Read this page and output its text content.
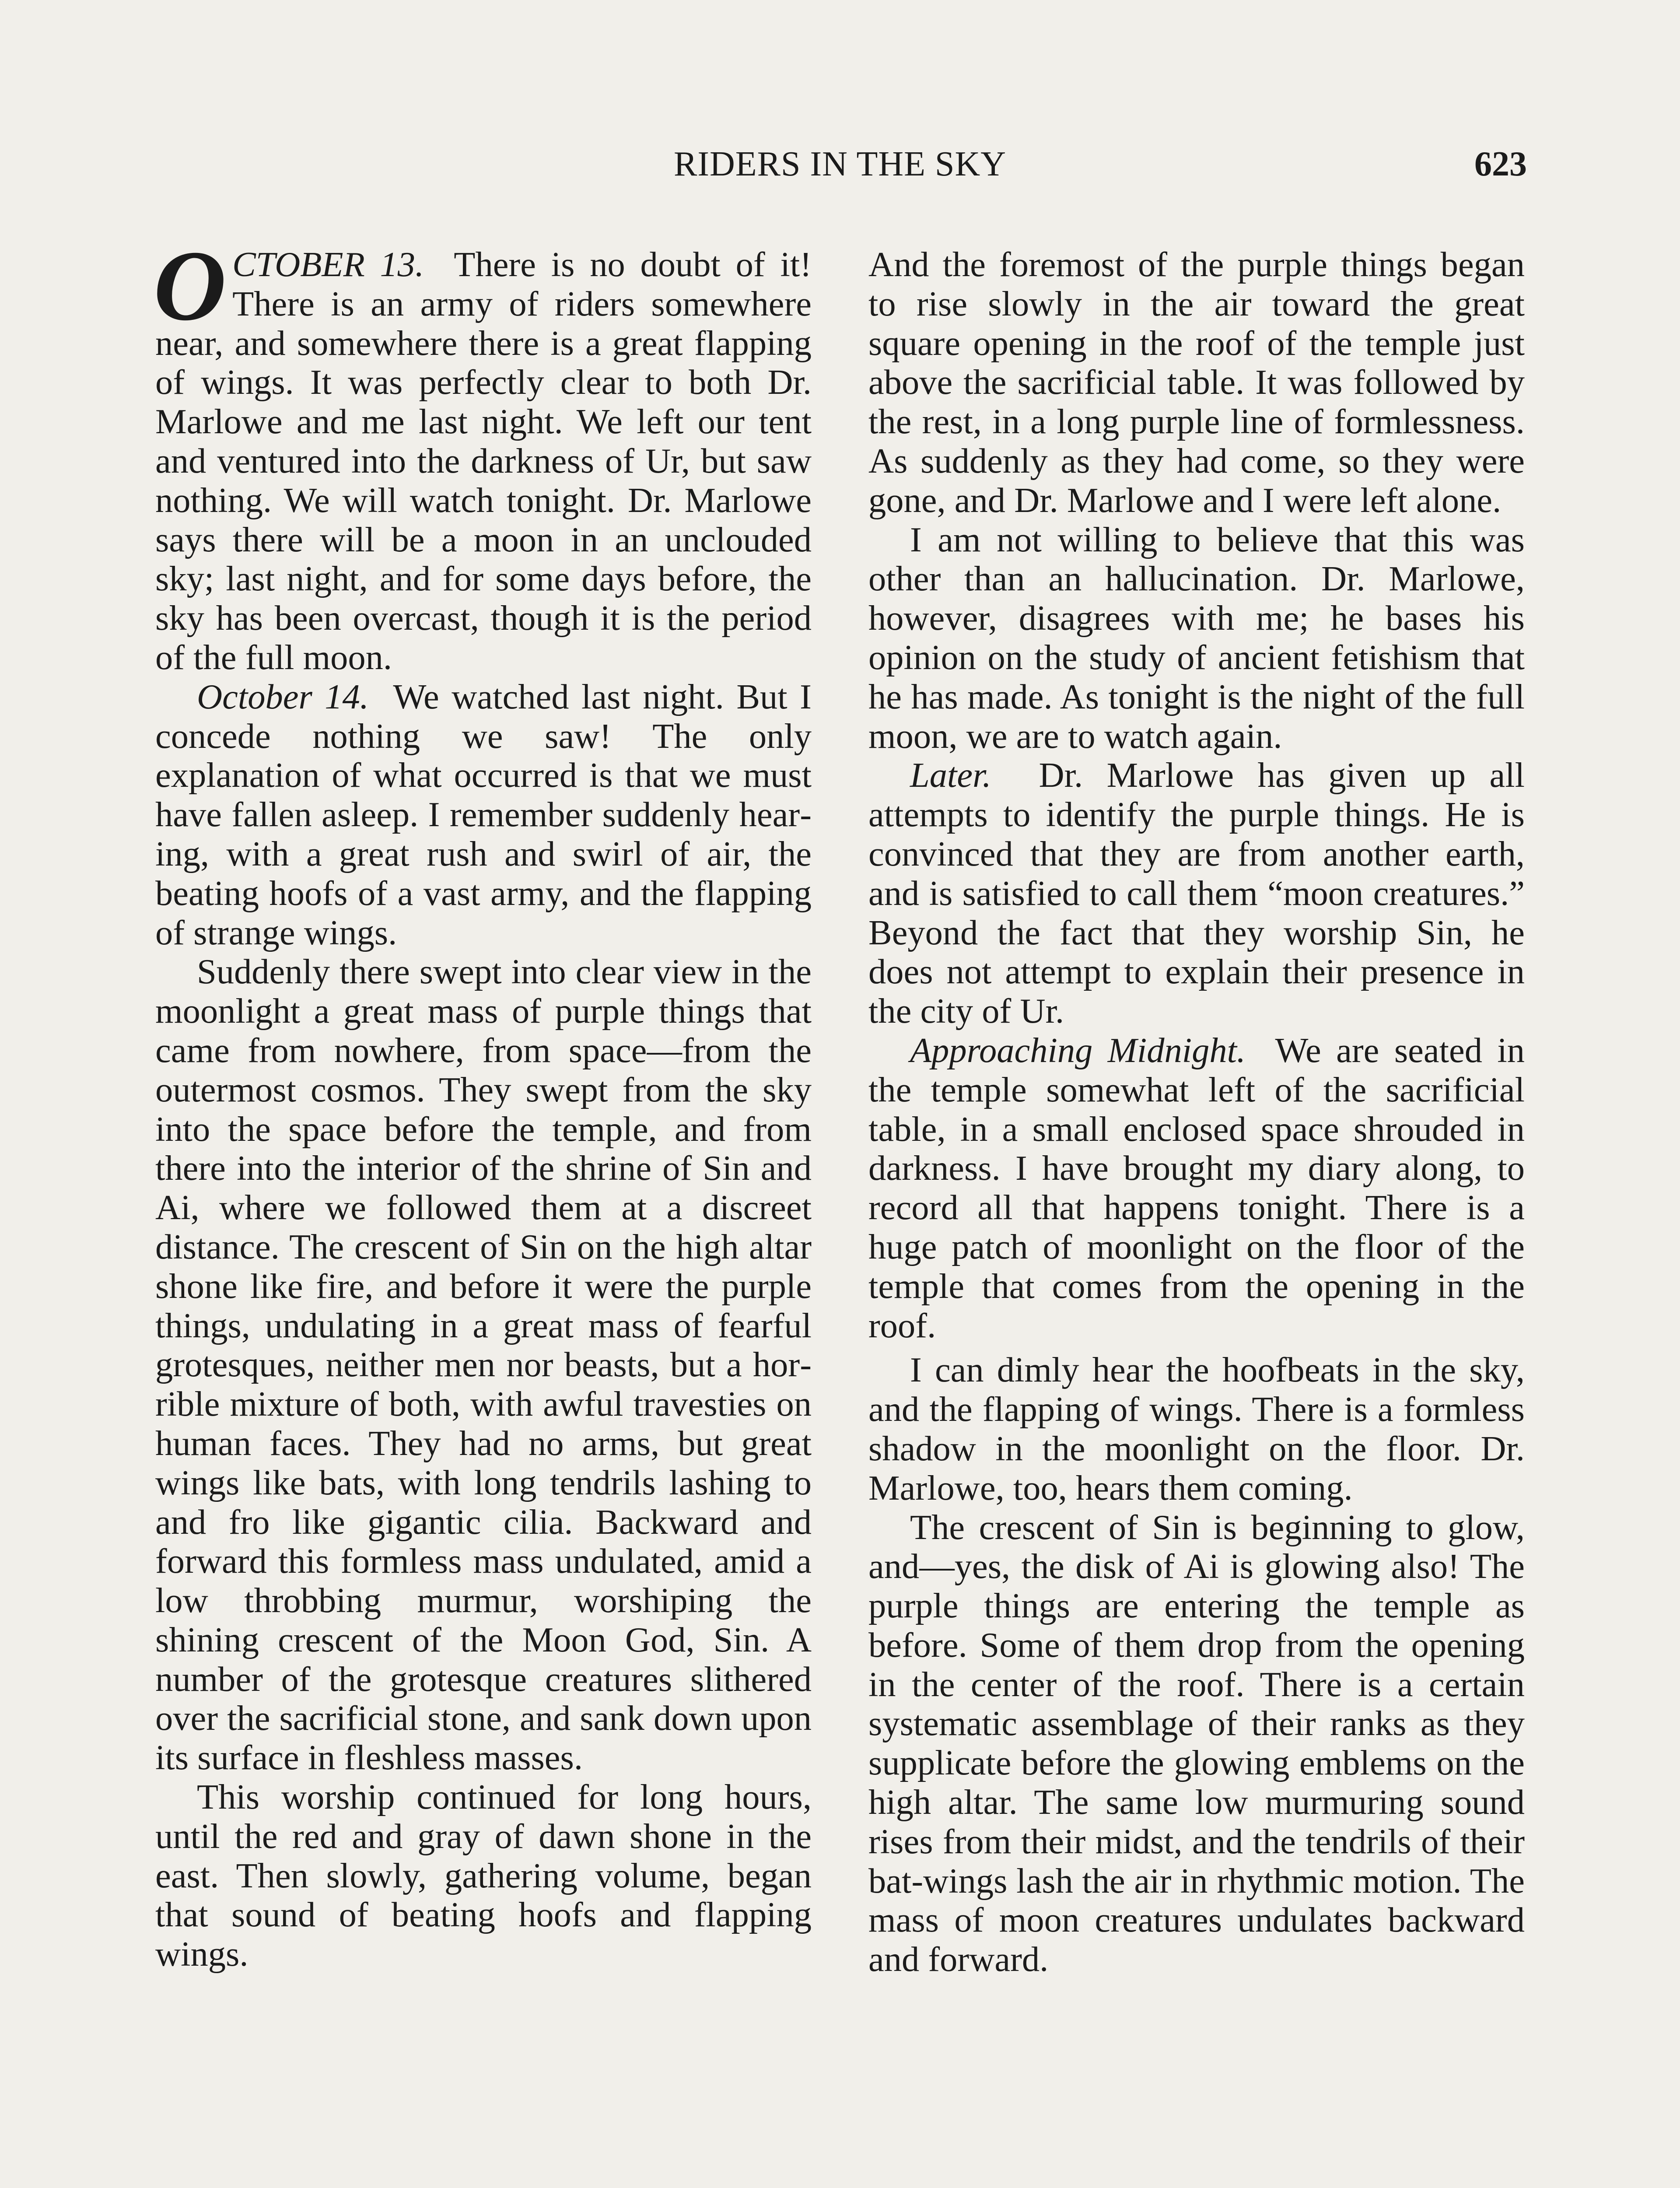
RIDERS IN THE SKY	623

OCTOBER 13. There is no doubt of it! There is an army of riders somewhere near, and somewhere there is a great flapping of wings. It was perfectly clear to both Dr. Marlowe and me last night. We left our tent and ventured into the darkness of Ur, but saw nothing. We will watch tonight. Dr. Marlowe says there will be a moon in an unclouded sky; last night, and for some days before, the sky has been overcast, though it is the period of the full moon.

October 14. We watched last night. But I concede nothing we saw! The only explanation of what occurred is that we must have fallen asleep. I remember suddenly hearing, with a great rush and swirl of air, the beating hoofs of a vast army, and the flapping of strange wings.

Suddenly there swept into clear view in the moonlight a great mass of purple things that came from nowhere, from space—from the outermost cosmos. They swept from the sky into the space before the temple, and from there into the interior of the shrine of Sin and Ai, where we followed them at a discreet distance. The crescent of Sin on the high altar shone like fire, and before it were the purple things, undulating in a great mass of fearful grotesques, neither men nor beasts, but a horrible mixture of both, with awful travesties on human faces. They had no arms, but great wings like bats, with long tendrils lashing to and fro like gigantic cilia. Backward and forward this formless mass undulated, amid a low throbbing murmur, worshiping the shining crescent of the Moon God, Sin. A number of the grotesque creatures slithered over the sacrificial stone, and sank down upon its surface in fleshless masses.

This worship continued for long hours, until the red and gray of dawn shone in the east. Then slowly, gathering volume, began that sound of beating hoofs and flapping wings.

And the foremost of the purple things began to rise slowly in the air toward the great square opening in the roof of the temple just above the sacrificial table. It was followed by the rest, in a long purple line of formlessness. As suddenly as they had come, so they were gone, and Dr. Marlowe and I were left alone.

I am not willing to believe that this was other than an hallucination. Dr. Marlowe, however, disagrees with me; he bases his opinion on the study of ancient fetishism that he has made. As tonight is the night of the full moon, we are to watch again.

Later. Dr. Marlowe has given up all attempts to identify the purple things. He is convinced that they are from another earth, and is satisfied to call them “moon creatures.” Beyond the fact that they worship Sin, he does not attempt to explain their presence in the city of Ur.

Approaching Midnight. We are seated in the temple somewhat left of the sacrificial table, in a small enclosed space shrouded in darkness. I have brought my diary along, to record all that happens tonight. There is a huge patch of moonlight on the floor of the temple that comes from the opening in the roof.

I can dimly hear the hoofbeats in the sky, and the flapping of wings. There is a formless shadow in the moonlight on the floor. Dr. Marlowe, too, hears them coming.

The crescent of Sin is beginning to glow, and—yes, the disk of Ai is glowing also! The purple things are entering the temple as before. Some of them drop from the opening in the center of the roof. There is a certain systematic assemblage of their ranks as they supplicate before the glowing emblems on the high altar. The same low murmuring sound rises from their midst, and the tendrils of their bat-wings lash the air in rhythmic motion. The mass of moon creatures undulates backward and forward.
